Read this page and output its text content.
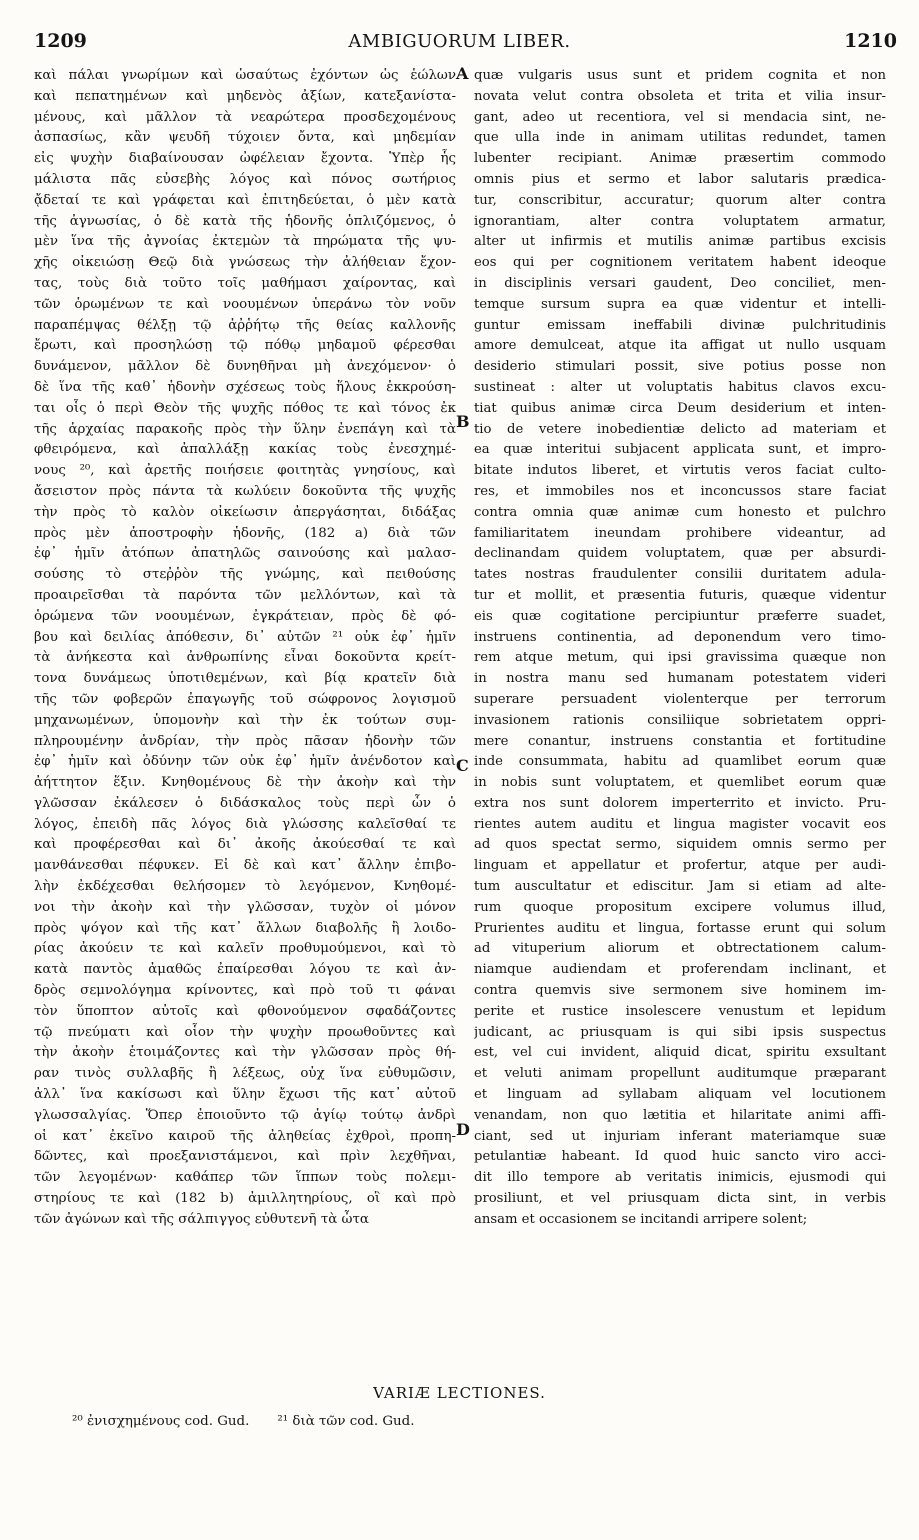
1209	AMBIGUORUM LIBER.	1210
καὶ πάλαι γνωρίμων καὶ ὡσαύτως ἐχόντων ὡς ἑώλων
καὶ πεπατημένων καὶ μηδενὸς ἀξίων, κατεξανίστα-
μένους, καὶ μᾶλλον τὰ νεαρώτερα προσδεχομένους
ἀσπασίως, κἂν ψευδῆ τύχοιεν ὄντα, καὶ μηδεμίαν
εἰς ψυχὴν διαβαίνουσαν ὠφέλειαν ἔχοντα. Ὑπὲρ ἧς
μάλιστα πᾶς εὐσεβὴς λόγος καὶ πόνος σωτήριος
ᾄδεταί τε καὶ γράφεται καὶ ἐπιτηδεύεται, ὁ μὲν κατὰ
τῆς ἀγνωσίας, ὁ δὲ κατὰ τῆς ἡδονῆς ὁπλιζόμενος, ὁ
μὲν ἵνα τῆς ἀγνοίας ἐκτεμὼν τὰ πηρώματα τῆς ψυ-
χῆς οἰκειώσῃ Θεῷ διὰ γνώσεως τὴν ἀλήθειαν ἔχον-
τας, τοὺς διὰ τοῦτο τοῖς μαθήμασι χαίροντας, καὶ
τῶν ὁρωμένων τε καὶ νοουμένων ὑπεράνω τὸν νοῦν
παραπέμψας θέλξῃ τῷ ἀῤῥήτῳ τῆς θείας καλλονῆς
ἔρωτι, καὶ προσηλώσῃ τῷ πόθῳ μηδαμοῦ φέρεσθαι
δυνάμενον, μᾶλλον δὲ δυνηθῆναι μὴ ἀνεχόμενον· ὁ
δὲ ἵνα τῆς καθ᾽ ἡδονὴν σχέσεως τοὺς ἥλους ἐκκρούση-
ται οἷς ὁ περὶ Θεὸν τῆς ψυχῆς πόθος τε καὶ τόνος ἐκ
τῆς ἀρχαίας παρακοῆς πρὸς τὴν ὕλην ἐνεπάγη καὶ τὰ
φθειρόμενα, καὶ ἀπαλλάξῃ κακίας τοὺς ἐνεσχημέ-
νους ²⁰, καὶ ἀρετῆς ποιήσειε φοιτητὰς γνησίους, καὶ
ἄσειστον πρὸς πάντα τὰ κωλύειν δοκοῦντα τῆς ψυχῆς
τὴν πρὸς τὸ καλὸν οἰκείωσιν ἀπεργάσηται, διδάξας
πρὸς μὲν ἀποστροφὴν ἡδονῆς, (182 a) διὰ τῶν
ἐφ᾽ ἡμῖν ἀτόπων ἀπατηλῶς σαινούσης καὶ μαλασ-
σούσης τὸ στεῤῥὸν τῆς γνώμης, καὶ πειθούσης
προαιρεῖσθαι τὰ παρόντα τῶν μελλόντων, καὶ τὰ
ὁρώμενα τῶν νοουμένων, ἐγκράτειαν, πρὸς δὲ φό-
βου καὶ δειλίας ἀπόθεσιν, δι᾽ αὐτῶν ²¹ οὐκ ἐφ᾽ ἡμῖν
τὰ ἀνήκεστα καὶ ἀνθρωπίνης εἶναι δοκοῦντα κρείτ-
τονα δυνάμεως ὑποτιθεμένων, καὶ βίᾳ κρατεῖν διὰ
τῆς τῶν φοβερῶν ἐπαγωγῆς τοῦ σώφρονος λογισμοῦ
μηχανωμένων, ὑπομονὴν καὶ τὴν ἐκ τούτων συμ-
πληρουμένην ἀνδρίαν, τὴν πρὸς πᾶσαν ἡδονὴν τῶν
ἐφ᾽ ἡμῖν καὶ ὀδύνην τῶν οὐκ ἐφ᾽ ἡμῖν ἀνένδοτον καὶ
ἀήττητον ἕξιν. Κνηθομένους δὲ τὴν ἀκοὴν καὶ τὴν
γλῶσσαν ἐκάλεσεν ὁ διδάσκαλος τοὺς περὶ ὧν ὁ
λόγος, ἐπειδὴ πᾶς λόγος διὰ γλώσσης καλεῖσθαί τε
καὶ προφέρεσθαι καὶ δι᾽ ἀκοῆς ἀκούεσθαί τε καὶ
μανθάνεσθαι πέφυκεν. Εἰ δὲ καὶ κατ᾽ ἄλλην ἐπιβο-
λὴν ἐκδέχεσθαι θελήσομεν τὸ λεγόμενον, Κνηθομέ-
νοι τὴν ἀκοὴν καὶ τὴν γλῶσσαν, τυχὸν οἱ μόνον
πρὸς ψόγον καὶ τῆς κατ᾽ ἄλλων διαβολῆς ἢ λοιδο-
ρίας ἀκούειν τε καὶ καλεῖν προθυμούμενοι, καὶ τὸ
κατὰ παντὸς ἀμαθῶς ἐπαίρεσθαι λόγου τε καὶ ἀν-
δρὸς σεμνολόγημα κρίνοντες, καὶ πρὸ τοῦ τι φάναι
τὸν ὕποπτον αὐτοῖς καὶ φθονούμενον σφαδάζοντες
τῷ πνεύματι καὶ οἷον τὴν ψυχὴν προωθοῦντες καὶ
τὴν ἀκοὴν ἑτοιμάζοντες καὶ τὴν γλῶσσαν πρὸς θή-
ραν τινὸς συλλαβῆς ἢ λέξεως, οὐχ ἵνα εὐθυμῶσιν,
ἀλλ᾽ ἵνα κακίσωσι καὶ ὕλην ἔχωσι τῆς κατ᾽ αὐτοῦ
γλωσσαλγίας. Ὅπερ ἐποιοῦντο τῷ ἁγίῳ τούτῳ ἀνδρὶ
οἱ κατ᾽ ἐκεῖνο καιροῦ τῆς ἀληθείας ἐχθροὶ, προπη-
δῶντες, καὶ προεξανιστάμενοι, καὶ πρὶν λεχθῆναι,
τῶν λεγομένων· καθάπερ τῶν ἵππων τοὺς πολεμι-
στηρίους τε καὶ (182 b) ἀμιλλητηρίους, οἳ καὶ πρὸ
τῶν ἀγώνων καὶ τῆς σάλπιγγος εὐθυτενῆ τὰ ὦτα
quæ vulgaris usus sunt et pridem cognita et non
novata velut contra obsoleta et trita et vilia insur-
gant, adeo ut recentiora, vel si mendacia sint, ne-
que ulla inde in animam utilitas redundet, tamen
lubenter recipiant. Animæ præsertim commodo
omnis pius et sermo et labor salutaris prædica-
tur, conscribitur, accuratur; quorum alter contra
ignorantiam, alter contra voluptatem armatur,
alter ut infirmis et mutilis animæ partibus excisis
eos qui per cognitionem veritatem habent ideoque
in disciplinis versari gaudent, Deo conciliet, men-
temque sursum supra ea quæ videntur et intelli-
guntur emissam ineffabili divinæ pulchritudinis
amore demulceat, atque ita affigat ut nullo usquam
desiderio stimulari possit, sive potius posse non
sustineat : alter ut voluptatis habitus clavos excu-
tiat quibus animæ circa Deum desiderium et inten-
tio de vetere inobedientiæ delicto ad materiam et
ea quæ interitui subjacent applicata sunt, et impro-
bitate indutos liberet, et virtutis veros faciat culto-
res, et immobiles nos et inconcussos stare faciat
contra omnia quæ animæ cum honesto et pulchro
familiaritatem ineundam prohibere videantur, ad
declinandam quidem voluptatem, quæ per absurdi-
tates nostras fraudulenter consilii duritatem adula-
tur et mollit, et præsentia futuris, quæque videntur
eis quæ cogitatione percipiuntur præferre suadet,
instruens continentia, ad deponendum vero timo-
rem atque metum, qui ipsi gravissima quæque non
in nostra manu sed humanam potestatem videri
superare persuadent violenterque per terrorum
invasionem rationis consiliique sobrietatem oppri-
mere conantur, instruens constantia et fortitudine
inde consummata, habitu ad quamlibet eorum quæ
in nobis sunt voluptatem, et quemlibet eorum quæ
extra nos sunt dolorem imperterrito et invicto. Pru-
rientes autem auditu et lingua magister vocavit eos
ad quos spectat sermo, siquidem omnis sermo per
linguam et appellatur et profertur, atque per audi-
tum auscultatur et ediscitur. Jam si etiam ad alte-
rum quoque propositum excipere volumus illud,
Prurientes auditu et lingua, fortasse erunt qui solum
ad vituperium aliorum et obtrectationem calum-
niamque audiendam et proferendam inclinant, et
contra quemvis sive sermonem sive hominem im-
perite et rustice insolescere venustum et lepidum
judicant, ac priusquam is qui sibi ipsis suspectus
est, vel cui invident, aliquid dicat, spiritu exsultant
et veluti animam propellunt auditumque præparant
et linguam ad syllabam aliquam vel locutionem
venandam, non quo lætitia et hilaritate animi affi-
ciant, sed ut injuriam inferant materiamque suæ
petulantiæ habeant. Id quod huic sancto viro acci-
dit illo tempore ab veritatis inimicis, ejusmodi qui
prosiliunt, et vel priusquam dicta sint, in verbis
ansam et occasionem se incitandi arripere solent;
A
B
C
D
VARIÆ LECTIONES.
²⁰ ἐνισχημένους cod. Gud. ²¹ διὰ τῶν cod. Gud.
